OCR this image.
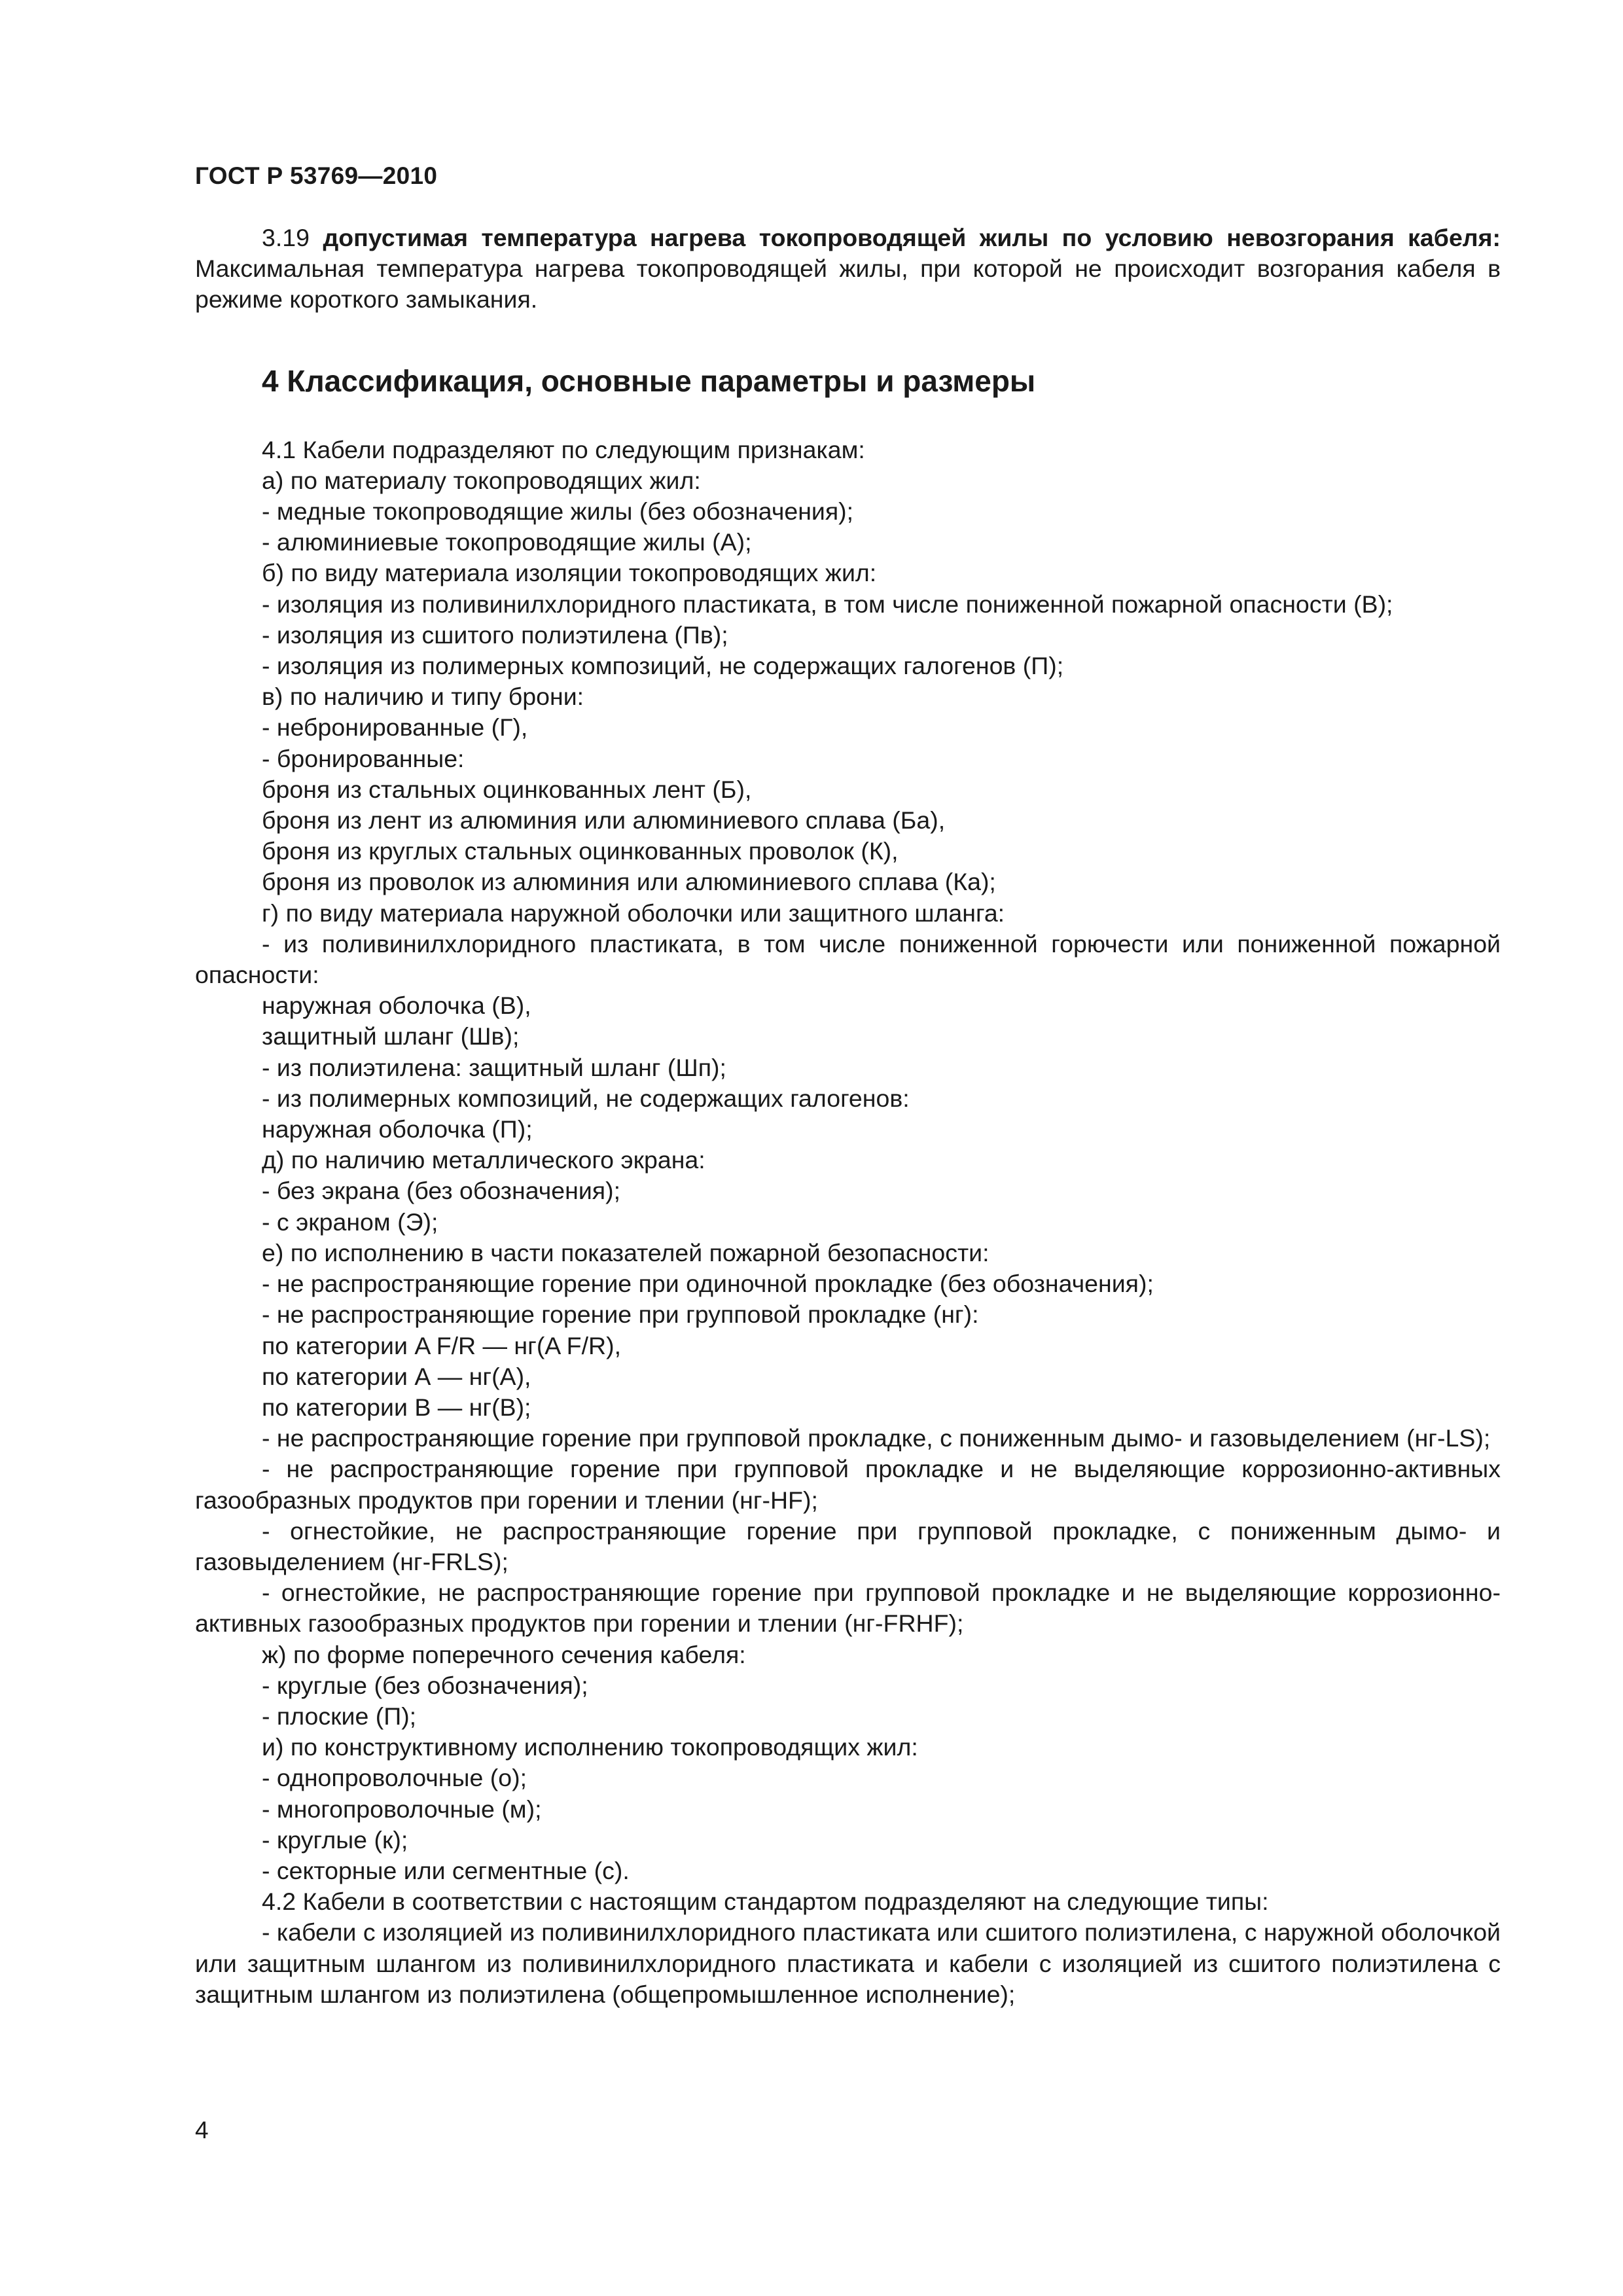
ГОСТ Р 53769—2010

3.19 допустимая температура нагрева токопроводящей жилы по условию невозгорания кабеля: Максимальная температура нагрева токопроводящей жилы, при которой не происходит возгорания кабеля в режиме короткого замыкания.

4 Классификация, основные параметры и размеры

4.1 Кабели подразделяют по следующим признакам:

а) по материалу токопроводящих жил:

- медные токопроводящие жилы (без обозначения);

- алюминиевые токопроводящие жилы (А);

б) по виду материала изоляции токопроводящих жил:

- изоляция из поливинилхлоридного пластиката, в том числе пониженной пожарной опасности (В);

- изоляция из сшитого полиэтилена (Пв);

- изоляция из полимерных композиций, не содержащих галогенов (П);

в) по наличию и типу брони:

- небронированные (Г),

- бронированные:

броня из стальных оцинкованных лент (Б),

броня из лент из алюминия или алюминиевого сплава (Ба),

броня из круглых стальных оцинкованных проволок (К),

броня из проволок из алюминия или алюминиевого сплава (Ка);

г) по виду материала наружной оболочки или защитного шланга:

- из поливинилхлоридного пластиката, в том числе пониженной горючести или пониженной пожарной опасности:

наружная оболочка (В),

защитный шланг (Шв);

- из полиэтилена: защитный шланг (Шп);

- из полимерных композиций, не содержащих галогенов:

наружная оболочка (П);

д) по наличию металлического экрана:

- без экрана (без обозначения);

- с экраном (Э);

е) по исполнению в части показателей пожарной безопасности:

- не распространяющие горение при одиночной прокладке (без обозначения);

- не распространяющие горение при групповой прокладке (нг):

по категории A F/R — нг(A F/R),

по категории А — нг(А),

по категории В — нг(В);

- не распространяющие горение при групповой прокладке, с пониженным дымо- и газовыделением (нг-LS);

- не распространяющие горение при групповой прокладке и не выделяющие коррозионно-активных газообразных продуктов при горении и тлении (нг-HF);

- огнестойкие, не распространяющие горение при групповой прокладке, с пониженным дымо- и газовыделением (нг-FRLS);

- огнестойкие, не распространяющие горение при групповой прокладке и не выделяющие коррозионно-активных газообразных продуктов при горении и тлении (нг-FRHF);

ж) по форме поперечного сечения кабеля:

- круглые (без обозначения);

- плоские (П);

и) по конструктивному исполнению токопроводящих жил:

- однопроволочные (о);

- многопроволочные (м);

- круглые (к);

- секторные или сегментные (с).

4.2 Кабели в соответствии с настоящим стандартом подразделяют на следующие типы:

- кабели с изоляцией из поливинилхлоридного пластиката или сшитого полиэтилена, с наружной оболочкой или защитным шлангом из поливинилхлоридного пластиката и кабели с изоляцией из сшитого полиэтилена с защитным шлангом из полиэтилена (общепромышленное исполнение);

4
